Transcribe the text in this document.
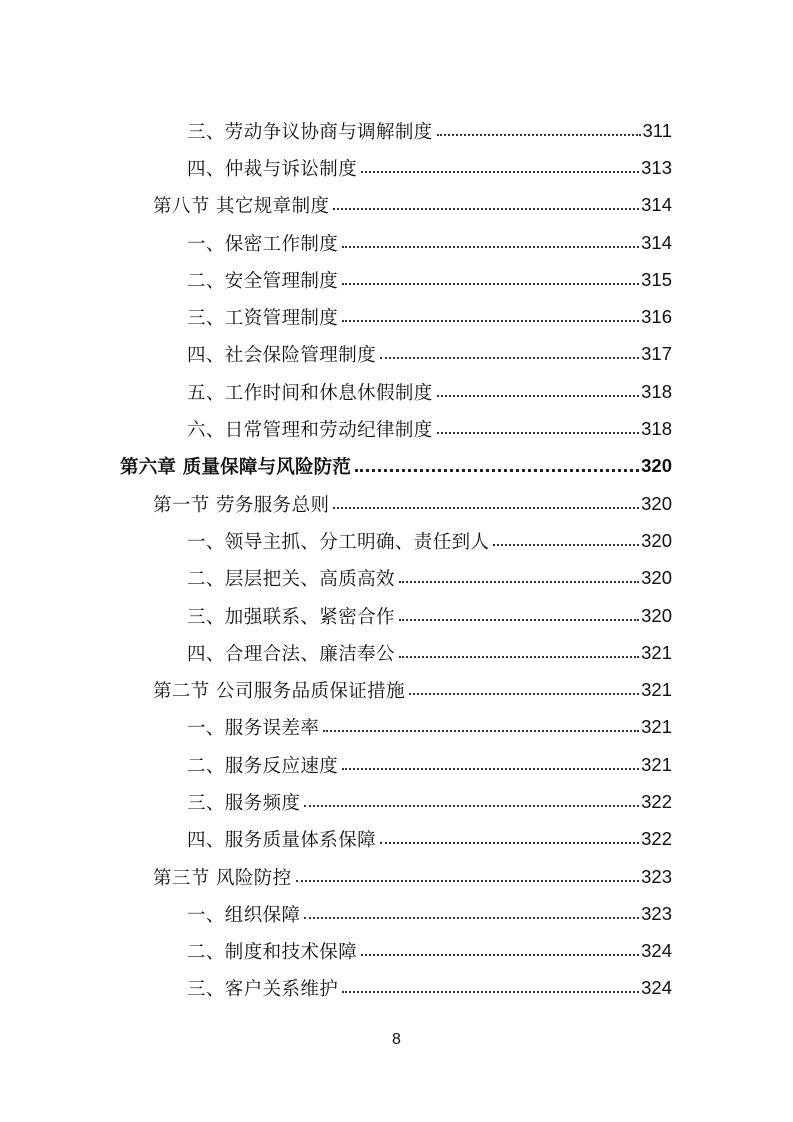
三、劳动争议协商与调解制度	311
四、仲裁与诉讼制度	313
第八节 其它规章制度	314
一、保密工作制度	314
二、安全管理制度	315
三、工资管理制度	316
四、社会保险管理制度	317
五、工作时间和休息休假制度	318
六、日常管理和劳动纪律制度	318
第六章 质量保障与风险防范	320
第一节 劳务服务总则	320
一、领导主抓、分工明确、责任到人	320
二、层层把关、高质高效	320
三、加强联系、紧密合作	320
四、合理合法、廉洁奉公	321
第二节 公司服务品质保证措施	321
一、服务误差率	321
二、服务反应速度	321
三、服务频度	322
四、服务质量体系保障	322
第三节 风险防控	323
一、组织保障	323
二、制度和技术保障	324
三、客户关系维护	324
8
